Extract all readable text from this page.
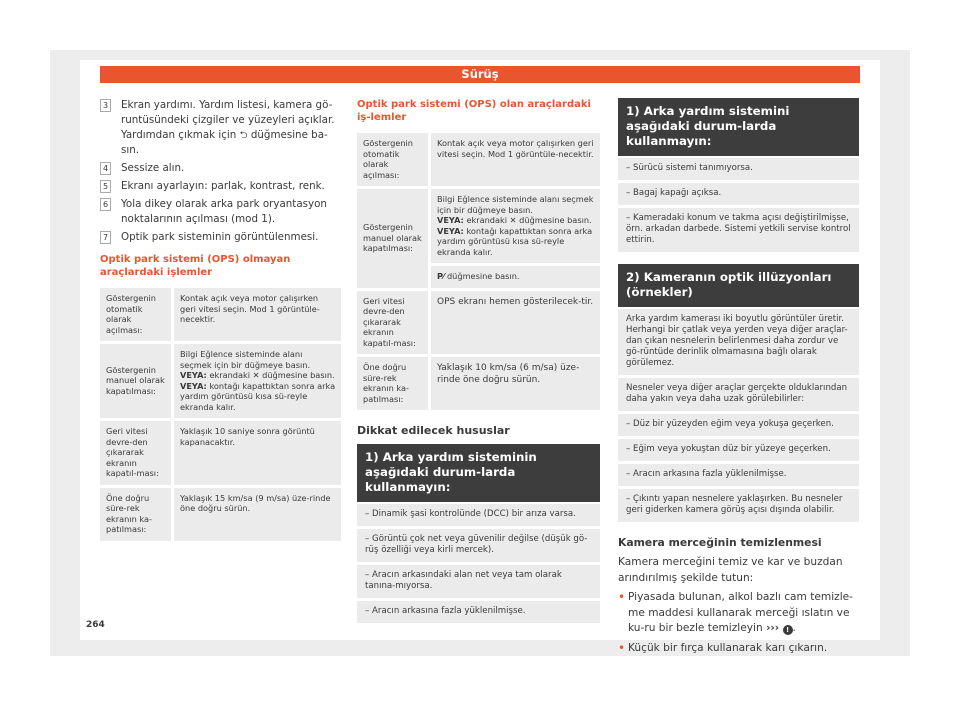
Sürüş
3 Ekran yardımı. Yardım listesi, kamera gö-runtüsündeki çizgiler ve yüzeyleri açıklar. Yardımdan çıkmak için ⮌ düğmesine ba-sın.
4 Sessize alın.
5 Ekranı ayarlayın: parlak, kontrast, renk.
6 Yola dikey olarak arka park oryantasyon noktalarının açılması (mod 1).
7 Optik park sisteminin görüntülenmesi.
Optik park sistemi (OPS) olmayan araçlardaki işlemler
Göstergenin otomatik olarak açılması:	Kontak açık veya motor çalışırken geri vitesi seçin. Mod 1 görüntüle-necektir.
Göstergenin manuel olarak kapatılması:	Bilgi Eğlence sisteminde alanı seçmek için bir düğmeye basın.
VEYA: ekrandaki ✕ düğmesine basın.
VEYA: kontağı kapattıktan sonra arka yardım görüntüsü kısa sü-reyle ekranda kalır.
Geri vitesi devre-den çıkararak ekranın kapatıl-ması:	Yaklaşık 10 saniye sonra görüntü kapanacaktır.
Öne doğru süre-rek ekranın ka-patılması:	Yaklaşık 15 km/sa (9 m/sa) üze-rinde öne doğru sürün.
Optik park sistemi (OPS) olan araçlardaki iş-lemler
Göstergenin otomatik olarak açılması:	Kontak açık veya motor çalışırken geri vitesi seçin. Mod 1 görüntüle-necektir.
Göstergenin manuel olarak kapatılması:	Bilgi Eğlence sisteminde alanı seçmek için bir düğmeye basın.
VEYA: ekrandaki ✕ düğmesine basın.
VEYA: kontağı kapattıktan sonra arka yardım görüntüsü kısa sü-reyle ekranda kalır.
	P⁄ düğmesine basın.
Geri vitesi devre-den çıkararak ekranın kapatıl-ması:	OPS ekranı hemen gösterilecek-tir.
Öne doğru süre-rek ekranın ka-patılması:	Yaklaşık 10 km/sa (6 m/sa) üze-rinde öne doğru sürün.
Dikkat edilecek hususlar
1) Arka yardım sisteminin aşağıdaki durum-larda kullanmayın:
– Dinamik şasi kontrolünde (DCC) bir arıza varsa.
– Görüntü çok net veya güvenilir değilse (düşük gö-rüş özelliği veya kirli mercek).
– Aracın arkasındaki alan net veya tam olarak tanına-mıyorsa.
– Aracın arkasına fazla yüklenilmişse.
1) Arka yardım sistemini aşağıdaki durum-larda kullanmayın:
– Sürücü sistemi tanımıyorsa.
– Bagaj kapağı açıksa.
– Kameradaki konum ve takma açısı değiştirilmişse, örn. arkadan darbede. Sistemi yetkili servise kontrol ettirin.
2) Kameranın optik illüzyonları (örnekler)
Arka yardım kamerası iki boyutlu görüntüler üretir. Herhangi bir çatlak veya yerden veya diğer araçlar-dan çıkan nesnelerin belirlenmesi daha zordur ve gö-rüntüde derinlik olmamasına bağlı olarak görülemez.
Nesneler veya diğer araçlar gerçekte olduklarından daha yakın veya daha uzak görülebilirler:
– Düz bir yüzeyden eğim veya yokuşa geçerken.
– Eğim veya yokuştan düz bir yüzeye geçerken.
– Aracın arkasına fazla yüklenilmişse.
– Çıkıntı yapan nesnelere yaklaşırken. Bu nesneler geri giderken kamera görüş açısı dışında olabilir.
Kamera merceğinin temizlenmesi
Kamera merceğini temiz ve kar ve buzdan arındırılmış şekilde tutun:
• Piyasada bulunan, alkol bazlı cam temizle-me maddesi kullanarak merceği ıslatın ve ku-ru bir bezle temizleyin ››› ! .
• Küçük bir fırça kullanarak karı çıkarın.
264
